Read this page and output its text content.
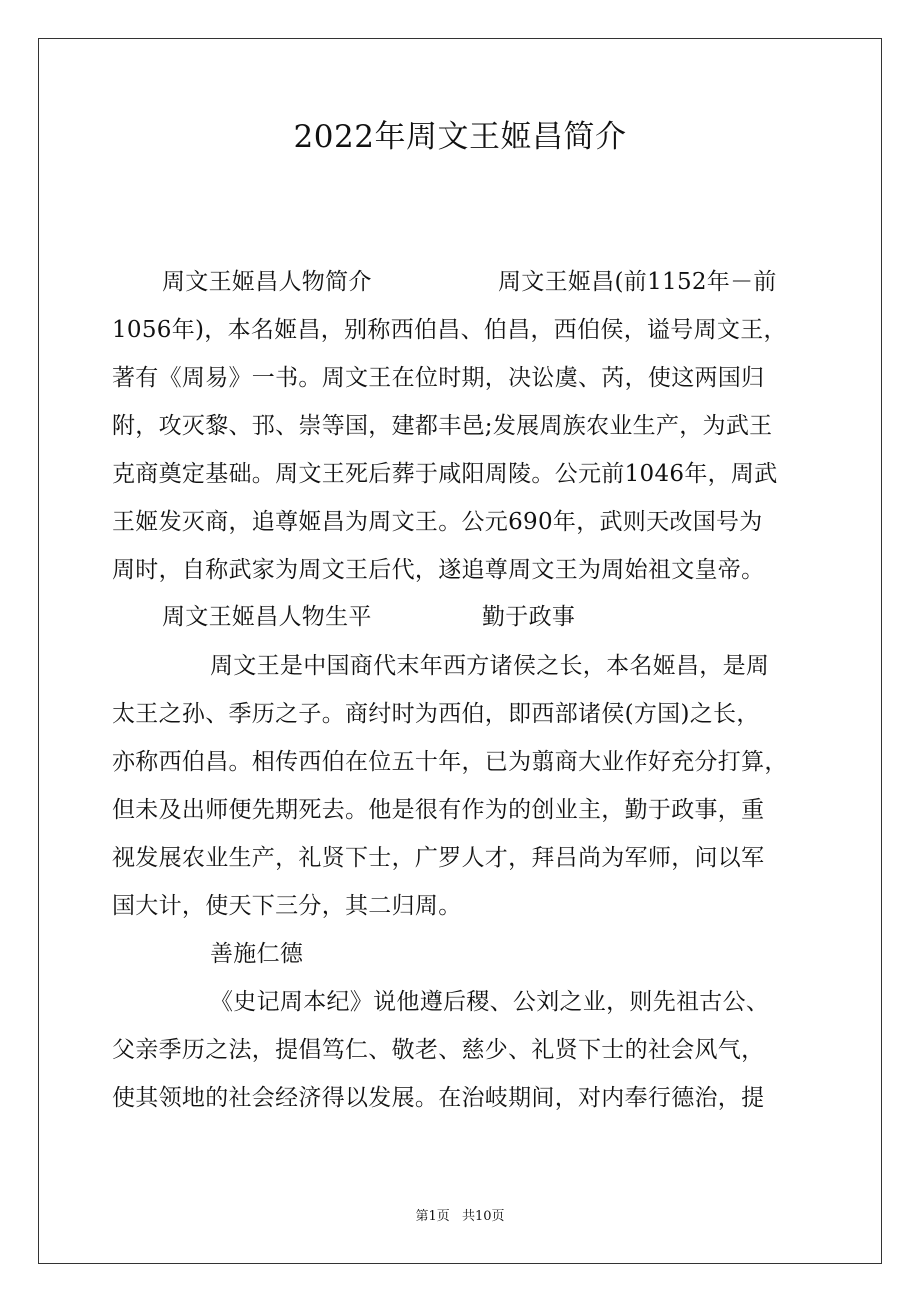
2022年周文王姬昌简介
周文王姬昌人物简介	周文王姬昌(前1152年－前
1056年)，本名姬昌，别称西伯昌、伯昌，西伯侯，谥号周文王，
著有《周易》一书。周文王在位时期，决讼虞、芮，使这两国归
附，攻灭黎、邘、崇等国，建都丰邑;发展周族农业生产，为武王
克商奠定基础。周文王死后葬于咸阳周陵。公元前1046年，周武
王姬发灭商，追尊姬昌为周文王。公元690年，武则天改国号为
周时，自称武家为周文王后代，遂追尊周文王为周始祖文皇帝。
周文王姬昌人物生平	勤于政事
周文王是中国商代末年西方诸侯之长，本名姬昌，是周
太王之孙、季历之子。商纣时为西伯，即西部诸侯(方国)之长，
亦称西伯昌。相传西伯在位五十年，已为翦商大业作好充分打算，
但未及出师便先期死去。他是很有作为的创业主，勤于政事，重
视发展农业生产，礼贤下士，广罗人才，拜吕尚为军师，问以军
国大计，使天下三分，其二归周。
善施仁德
《史记周本纪》说他遵后稷、公刘之业，则先祖古公、
父亲季历之法，提倡笃仁、敬老、慈少、礼贤下士的社会风气，
使其领地的社会经济得以发展。在治岐期间，对内奉行德治，提
第1页 共10页
